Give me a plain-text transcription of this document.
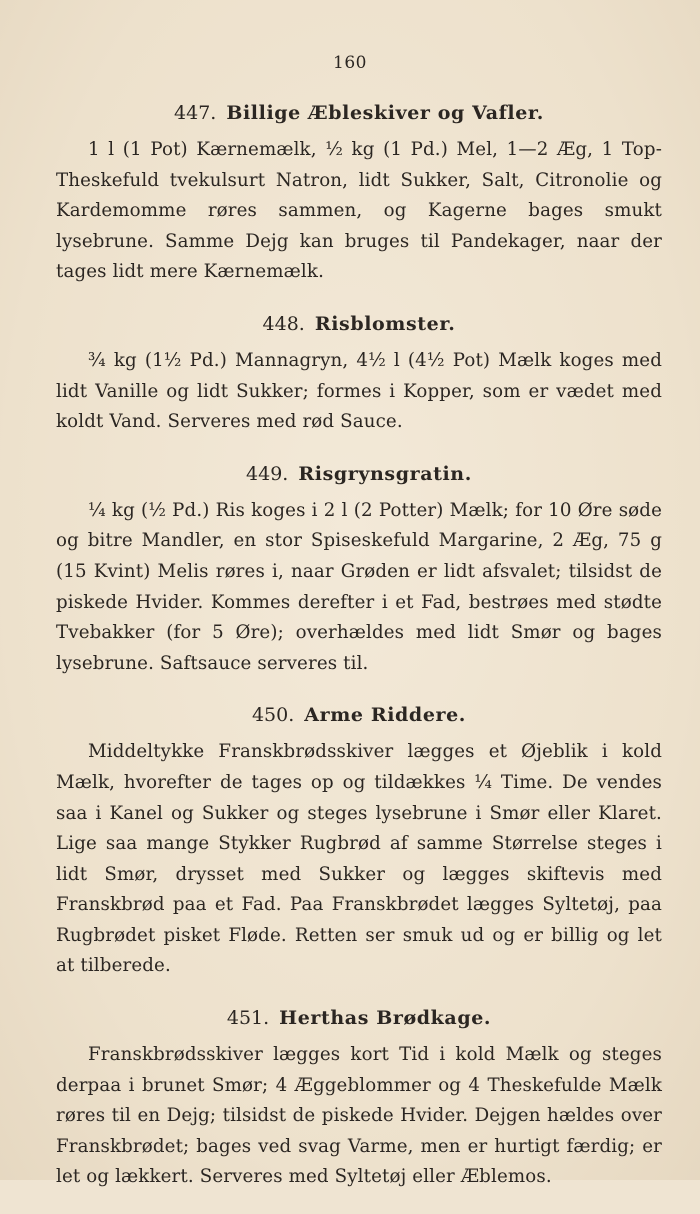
160
447. Billige Æbleskiver og Vafler.

1 l (1 Pot) Kærnemælk, ½ kg (1 Pd.) Mel, 1—2 Æg, 1 Top-Theskefuld tvekulsurt Natron, lidt Sukker, Salt, Citronolie og Kardemomme røres sammen, og Kagerne bages smukt lysebrune. Samme Dejg kan bruges til Pandekager, naar der tages lidt mere Kærnemælk.

448. Risblomster.

¾ kg (1½ Pd.) Mannagryn, 4½ l (4½ Pot) Mælk koges med lidt Vanille og lidt Sukker; formes i Kopper, som er vædet med koldt Vand. Serveres med rød Sauce.

449. Risgrynsgratin.

¼ kg (½ Pd.) Ris koges i 2 l (2 Potter) Mælk; for 10 Øre søde og bitre Mandler, en stor Spiseskefuld Margarine, 2 Æg, 75 g (15 Kvint) Melis røres i, naar Grøden er lidt afsvalet; tilsidst de piskede Hvider. Kommes derefter i et Fad, bestrøes med stødte Tvebakker (for 5 Øre); overhældes med lidt Smør og bages lysebrune. Saftsauce serveres til.

450. Arme Riddere.

Middeltykke Franskbrødsskiver lægges et Øjeblik i kold Mælk, hvorefter de tages op og tildækkes ¼ Time. De vendes saa i Kanel og Sukker og steges lysebrune i Smør eller Klaret. Lige saa mange Stykker Rugbrød af samme Størrelse steges i lidt Smør, drysset med Sukker og lægges skiftevis med Franskbrød paa et Fad. Paa Franskbrødet lægges Syltetøj, paa Rugbrødet pisket Fløde. Retten ser smuk ud og er billig og let at tilberede.

451. Herthas Brødkage.

Franskbrødsskiver lægges kort Tid i kold Mælk og steges derpaa i brunet Smør; 4 Æggeblommer og 4 Theskefulde Mælk røres til en Dejg; tilsidst de piskede Hvider. Dejgen hældes over Franskbrødet; bages ved svag Varme, men er hurtigt færdig; er let og lækkert. Serveres med Syltetøj eller Æblemos.
